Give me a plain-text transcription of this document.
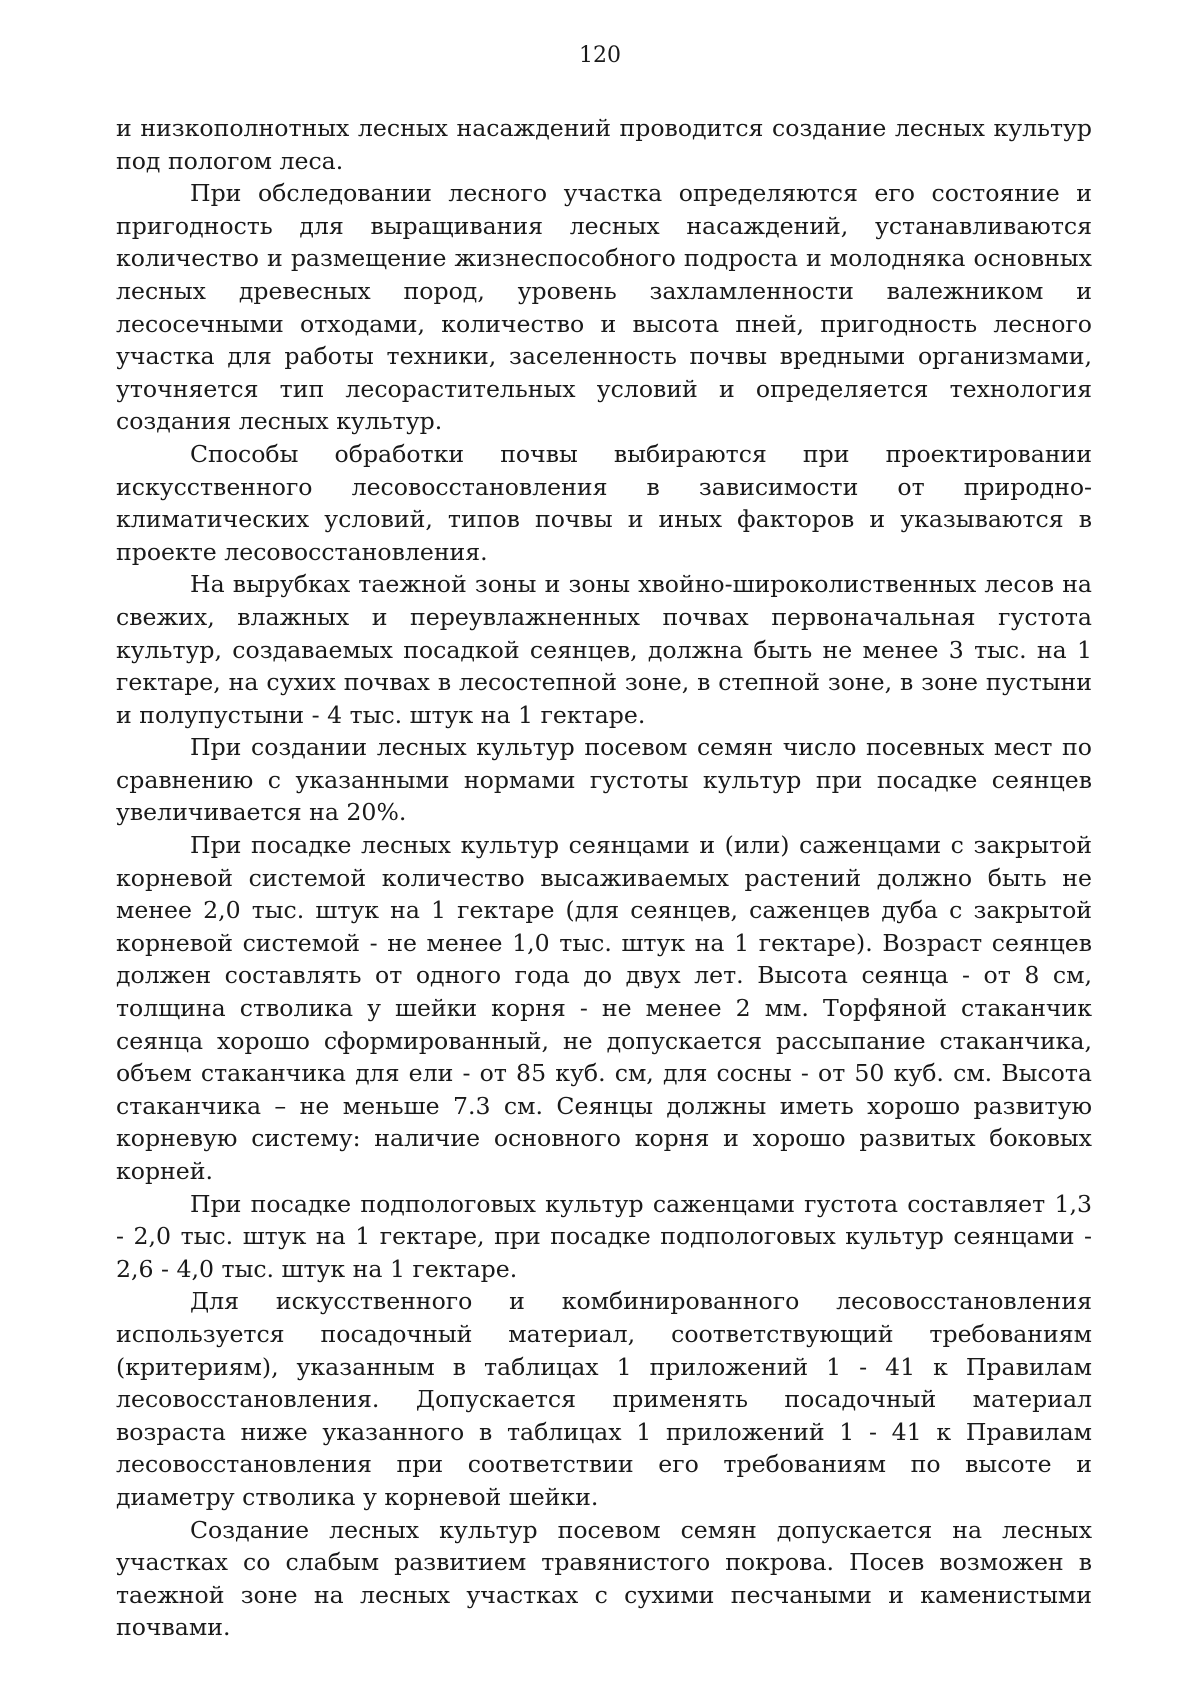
120

и низкополнотных лесных насаждений проводится создание лесных культур под пологом леса.

При обследовании лесного участка определяются его состояние и пригодность для выращивания лесных насаждений, устанавливаются количество и размещение жизнеспособного подроста и молодняка основных лесных древесных пород, уровень захламленности валежником и лесосечными отходами, количество и высота пней, пригодность лесного участка для работы техники, заселенность почвы вредными организмами, уточняется тип лесорастительных условий и определяется технология создания лесных культур.

Способы обработки почвы выбираются при проектировании искусственного лесовосстановления в зависимости от природно-климатических условий, типов почвы и иных факторов и указываются в проекте лесовосстановления.

На вырубках таежной зоны и зоны хвойно-широколиственных лесов на свежих, влажных и переувлажненных почвах первоначальная густота культур, создаваемых посадкой сеянцев, должна быть не менее 3 тыс. на 1 гектаре, на сухих почвах в лесостепной зоне, в степной зоне, в зоне пустыни и полупустыни - 4 тыс. штук на 1 гектаре.

При создании лесных культур посевом семян число посевных мест по сравнению с указанными нормами густоты культур при посадке сеянцев увеличивается на 20%.

При посадке лесных культур сеянцами и (или) саженцами с закрытой корневой системой количество высаживаемых растений должно быть не менее 2,0 тыс. штук на 1 гектаре (для сеянцев, саженцев дуба с закрытой корневой системой - не менее 1,0 тыс. штук на 1 гектаре). Возраст сеянцев должен составлять от одного года до двух лет. Высота сеянца - от 8 см, толщина стволика у шейки корня - не менее 2 мм. Торфяной стаканчик сеянца хорошо сформированный, не допускается рассыпание стаканчика, объем стаканчика для ели - от 85 куб. см, для сосны - от 50 куб. см. Высота стаканчика – не меньше 7.3 см. Сеянцы должны иметь хорошо развитую корневую систему: наличие основного корня и хорошо развитых боковых корней.

При посадке подпологовых культур саженцами густота составляет 1,3 - 2,0 тыс. штук на 1 гектаре, при посадке подпологовых культур сеянцами - 2,6 - 4,0 тыс. штук на 1 гектаре.

Для искусственного и комбинированного лесовосстановления используется посадочный материал, соответствующий требованиям (критериям), указанным в таблицах 1 приложений 1 - 41 к Правилам лесовосстановления. Допускается применять посадочный материал возраста ниже указанного в таблицах 1 приложений 1 - 41 к Правилам лесовосстановления при соответствии его требованиям по высоте и диаметру стволика у корневой шейки.

Создание лесных культур посевом семян допускается на лесных участках со слабым развитием травянистого покрова. Посев возможен в таежной зоне на лесных участках с сухими песчаными и каменистыми почвами.
